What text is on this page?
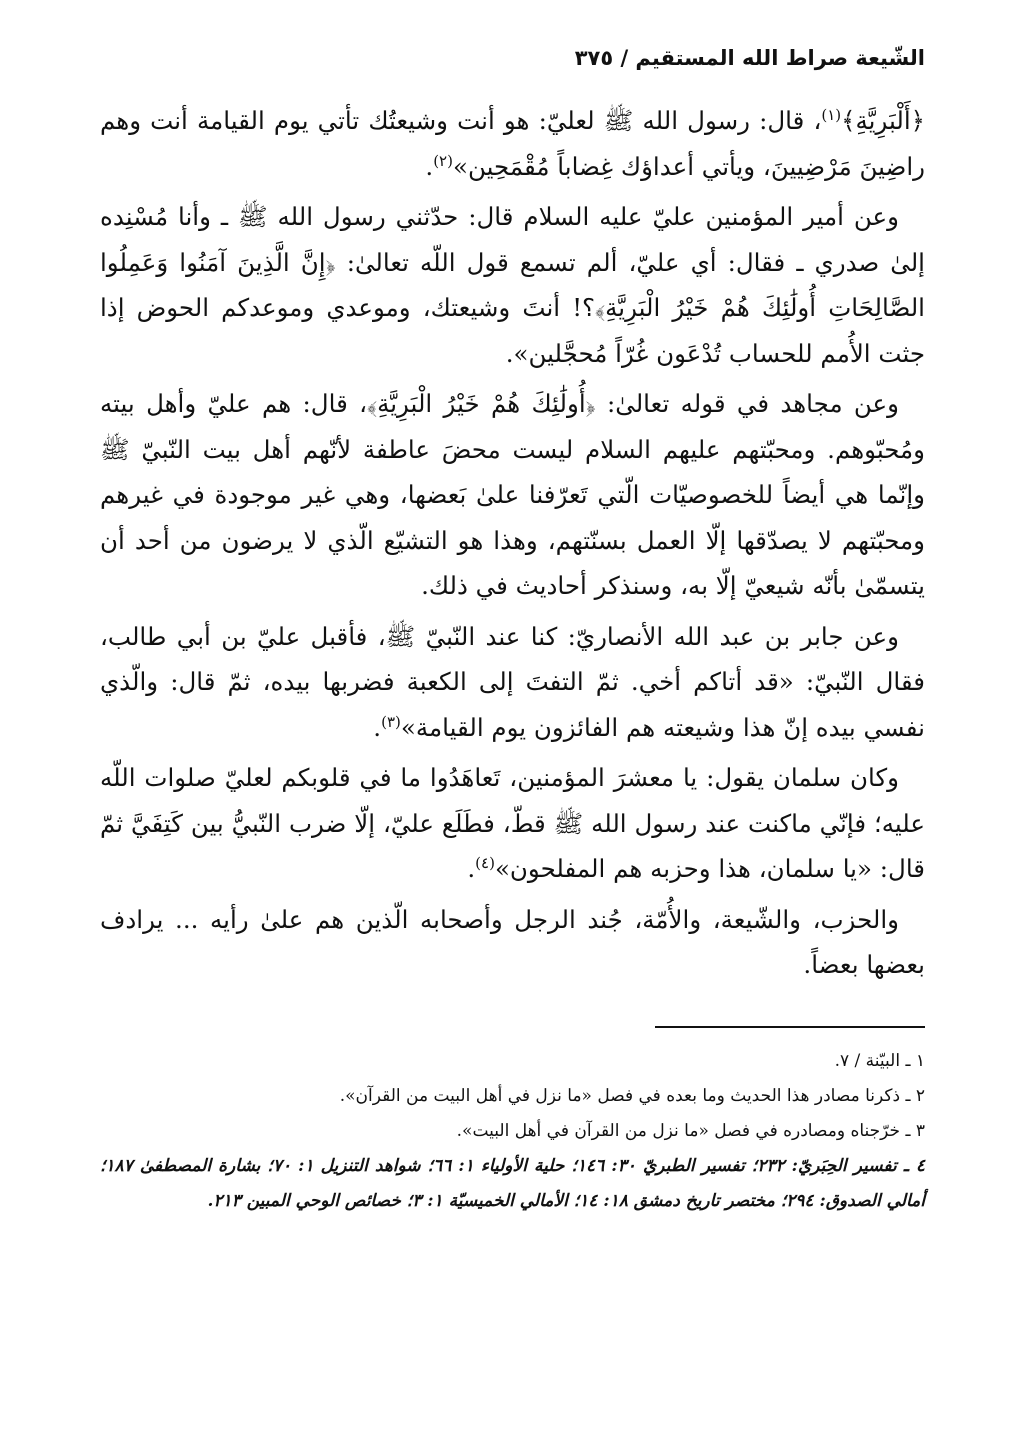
الشّيعة صراط الله المستقيم / ٣٧٥

﴿أَلْبَرِيَّةِ﴾$^{(١)}$، قال: رسول الله ﷺ لعليّ: هو أنت وشيعتُك تأتي يوم القيامة أنت وهم راضِينَ مَرْضِيينَ، ويأتي أعداؤك غِضاباً مُقْمَحِين»$^{(٢)}$.

وعن أمير المؤمنين عليّ عليه السلام قال: حدّثني رسول الله ﷺ ـ وأنا مُسْنِده إلىٰ صدري ـ فقال: أي عليّ، ألم تسمع قول اللّه تعالىٰ: ﴿إِنَّ الَّذِينَ آمَنُوا وَعَمِلُوا الصَّالِحَاتِ أُولَٰئِكَ هُمْ خَيْرُ الْبَرِيَّةِ﴾؟! أنتَ وشيعتك، وموعدي وموعدكم الحوض إذا جثت الأُمم للحساب تُدْعَون غُرّاً مُحجَّلين».

وعن مجاهد في قوله تعالىٰ: ﴿أُولَٰئِكَ هُمْ خَيْرُ الْبَرِيَّةِ﴾، قال: هم عليّ وأهل بيته ومُحبّوهم. ومحبّتهم عليهم السلام ليست محضَ عاطفة لأنّهم أهل بيت النّبيّ ﷺ وإنّما هي أيضاً للخصوصيّات الّتي تَعرّفنا علىٰ بَعضها، وهي غير موجودة في غيرهم ومحبّتهم لا يصدّقها إلّا العمل بسنّتهم، وهذا هو التشيّع الّذي لا يرضون من أحد أن يتسمّىٰ بأنّه شيعيّ إلّا به، وسنذكر أحاديث في ذلك.

وعن جابر بن عبد الله الأنصاريّ: كنا عند النّبيّ ﷺ، فأقبل عليّ بن أبي طالب، فقال النّبيّ: «قد أتاكم أخي. ثمّ التفتَ إلى الكعبة فضربها بيده، ثمّ قال: والّذي نفسي بيده إنّ هذا وشيعته هم الفائزون يوم القيامة»$^{(٣)}$.

وكان سلمان يقول: يا معشرَ المؤمنين، تَعاهَدُوا ما في قلوبكم لعليّ صلوات اللّه عليه؛ فإنّي ماكنت عند رسول الله ﷺ قطّ، فطَلَع عليّ، إلّا ضرب النّبيُّ بين كَتِفَيَّ ثمّ قال: «يا سلمان، هذا وحزبه هم المفلحون»$^{(٤)}$.

والحزب، والشّيعة، والأُمّة، جُند الرجل وأصحابه الّذين هم علىٰ رأيه ... يرادف بعضها بعضاً.

١ ـ البيّنة / ٧.

٢ ـ ذكرنا مصادر هذا الحديث وما بعده في فصل «ما نزل في أهل البيت من القرآن».

٣ ـ خرّجناه ومصادره في فصل «ما نزل من القرآن في أهل البيت».

٤ ـ تفسير الحِبَريّ: ٢٣٢؛ تفسير الطبريّ ٣٠: ١٤٦؛ حلية الأولياء ١: ٦٦؛ شواهد التنزيل ١: ٧٠؛ بشارة المصطفىٰ ١٨٧؛ أمالي الصدوق: ٢٩٤؛ مختصر تاريخ دمشق ١٨: ١٤؛ الأمالي الخميسيّة ١: ٣؛ خصائص الوحي المبين ٢١٣.
